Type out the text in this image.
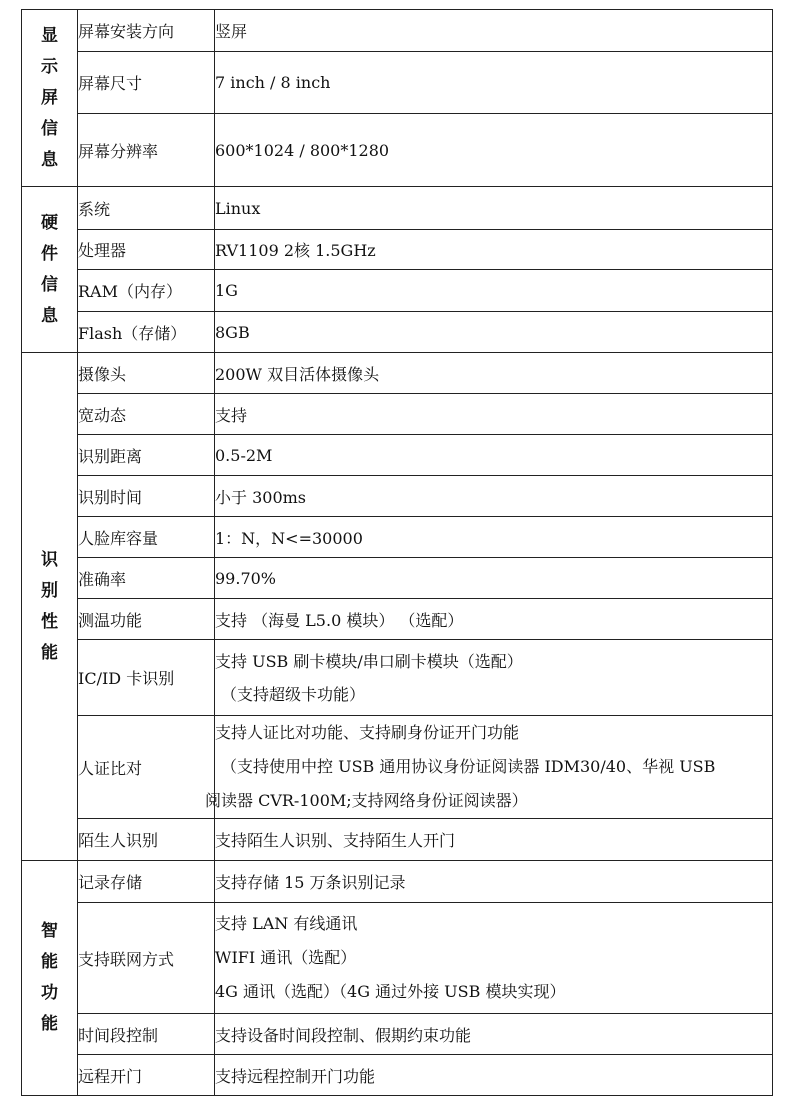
显
示
屏
信
息	屏幕安装方向	竖屏

	屏幕尺寸	7 inch / 8 inch

	屏幕分辨率	600*1024 / 800*1280

硬
件
信
息	系统	Linux

	处理器	RV1109 2核 1.5GHz

	RAM（内存）	1G

	Flash（存储）	8GB

识
别
性
能	摄像头	200W 双目活体摄像头

	宽动态	支持

	识别距离	0.5-2M

	识别时间	小于 300ms

	人脸库容量	1：N，N<=30000

	准确率	99.70%

	测温功能	支持 （海曼 L5.0 模块） （选配）

	IC/ID 卡识别	支持 USB 刷卡模块/串口刷卡模块（选配）
（支持超级卡功能）

	人证比对	支持人证比对功能、支持刷身份证开门功能
（支持使用中控 USB 通用协议身份证阅读器 IDM30/40、华视 USB
阅读器 CVR-100M;支持网络身份证阅读器）

	陌生人识别	支持陌生人识别、支持陌生人开门

智
能
功
能	记录存储	支持存储 15 万条识别记录

	支持联网方式	支持 LAN 有线通讯
WIFI 通讯（选配）
4G 通讯（选配）（4G 通过外接 USB 模块实现）

	时间段控制	支持设备时间段控制、假期约束功能

	远程开门	支持远程控制开门功能
